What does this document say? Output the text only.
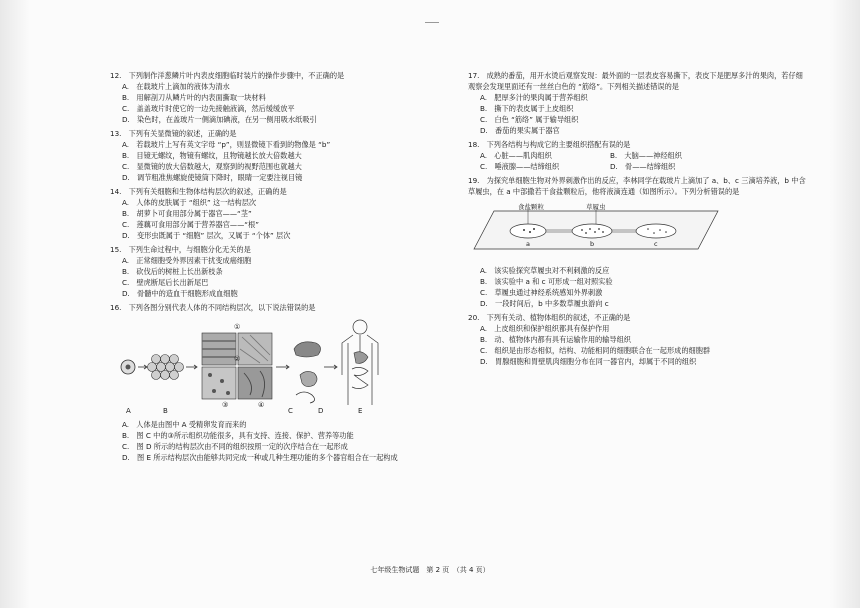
12.　下列制作洋葱鳞片叶内表皮细胞临时装片的操作步骤中，不正确的是
A.　在载玻片上滴加的液体为清水
B.　用解剖刀从鳞片叶的内表面撕取一块材料
C.　盖盖玻片时使它的一边先接触液滴，然后缓缓放平
D.　染色时，在盖玻片一侧滴加碘液，在另一侧用吸水纸吸引
13.　下列有关显微镜的叙述，正确的是
A.　若载玻片上写有英文字母 “p”，则显微镜下看到的物像是 “b”
B.　目镜无螺纹，物镜有螺纹，且物镜越长放大倍数越大
C.　显微镜的放大倍数越大，观察到的视野范围也就越大
D.　调节粗准焦螺旋使镜筒下降时，眼睛一定要注视目镜
14.　下列有关细胞和生物体结构层次的叙述，正确的是
A.　人体的皮肤属于 “组织” 这一结构层次
B.　胡萝卜可食用部分属于器官——“茎”
C.　莲藕可食用部分属于营养器官——“根”
D.　变形虫既属于 “细胞” 层次，又属于 “个体” 层次
15.　下列生命过程中，与细胞分化无关的是
A.　正常细胞受外界因素干扰变成癌细胞
B.　砍伐后的树桩上长出新枝条
C.　壁虎断尾后长出新尾巴
D.　骨髓中的造血干细胞形成血细胞
16.　下列各图分别代表人体的不同结构层次，以下说法错误的是
①
②
③	④
A	B	C	D	E
A.　人体是由图中 A 受精卵发育而来的
B.　图 C 中的③所示组织功能很多，具有支持、连接、保护、营养等功能
C.　图 D 所示的结构层次由不同的组织按照一定的次序结合在一起形成
D.　图 E 所示结构层次由能够共同完成一种或几种生理功能的多个器官组合在一起构成
17.　成熟的番茄，用开水烫后观察发现：最外面的一层表皮容易撕下，表皮下是肥厚多汁的果肉，若仔细
观察会发现里面还有一丝丝白色的 “筋络”。下列相关描述错误的是
A.　肥厚多汁的果肉属于营养组织
B.　撕下的表皮属于上皮组织
C.　白色 “筋络” 属于输导组织
D.　番茄的果实属于器官
18.　下列各结构与构成它的主要组织搭配有误的是
A.　心脏——肌肉组织	B.　大脑——神经组织
C.　唾液腺——结缔组织	D.　骨——结缔组织
19.　为探究单细胞生物对外界刺激作出的反应，李林同学在载玻片上滴加了 a、b、c 三滴培养液，b 中含
草履虫，在 a 中部撒若干食盐颗粒后，他将液滴连通（如图所示）。下列分析错误的是
食盐颗粒	草履虫
a	b	c
A.　该实验探究草履虫对不利刺激的反应
B.　该实验中 a 和 c 可形成一组对照实验
C.　草履虫通过神经系统感知外界刺激
D.　一段时间后，b 中多数草履虫游向 c
20.　下列有关动、植物体组织的叙述，不正确的是
A.　上皮组织和保护组织都具有保护作用
B.　动、植物体内都有具有运输作用的输导组织
C.　组织是由形态相似，结构、功能相同的细胞联合在一起形成的细胞群
D.　胃腺细胞和胃壁肌肉细胞分布在同一器官内，却属于不同的组织
七年级生物试题　第 2 页　（共 4 页）
